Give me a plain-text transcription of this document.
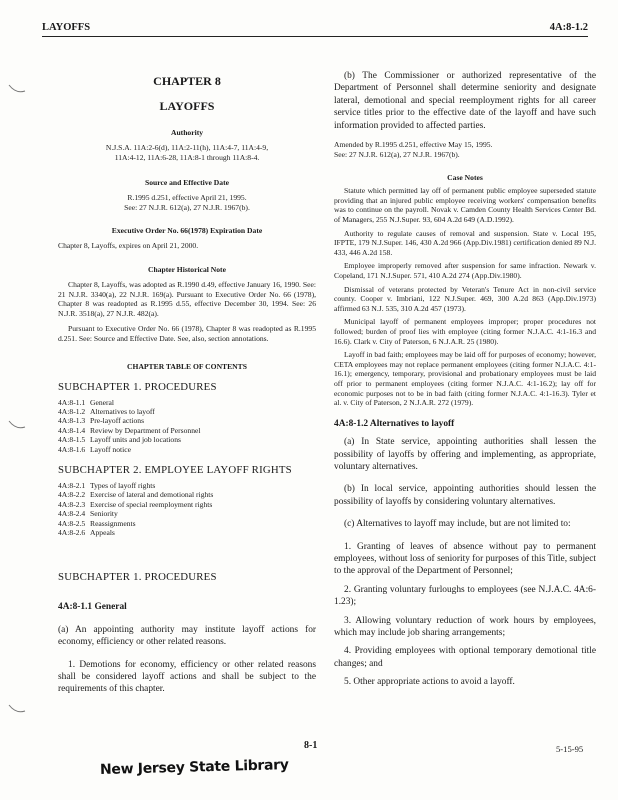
LAYOFFS	4A:8-1.2
CHAPTER 8
LAYOFFS
Authority
N.J.S.A. 11A:2-6(d), 11A:2-11(h), 11A:4-7, 11A:4-9,
11A:4-12, 11A:6-28, 11A:8-1 through 11A:8-4.
Source and Effective Date
R.1995 d.251, effective April 21, 1995.
See: 27 N.J.R. 612(a), 27 N.J.R. 1967(b).
Executive Order No. 66(1978) Expiration Date
Chapter 8, Layoffs, expires on April 21, 2000.
Chapter Historical Note
Chapter 8, Layoffs, was adopted as R.1990 d.49, effective January 16, 1990. See: 21 N.J.R. 3340(a), 22 N.J.R. 169(a). Pursuant to Executive Order No. 66 (1978), Chapter 8 was readopted as R.1995 d.55, effective December 30, 1994. See: 26 N.J.R. 3518(a), 27 N.J.R. 482(a).
Pursuant to Executive Order No. 66 (1978), Chapter 8 was readopted as R.1995 d.251. See: Source and Effective Date. See, also, section annotations.
CHAPTER TABLE OF CONTENTS
SUBCHAPTER 1. PROCEDURES
4A:8-1.1 General
4A:8-1.2 Alternatives to layoff
4A:8-1.3 Pre-layoff actions
4A:8-1.4 Review by Department of Personnel
4A:8-1.5 Layoff units and job locations
4A:8-1.6 Layoff notice
SUBCHAPTER 2. EMPLOYEE LAYOFF RIGHTS
4A:8-2.1 Types of layoff rights
4A:8-2.2 Exercise of lateral and demotional rights
4A:8-2.3 Exercise of special reemployment rights
4A:8-2.4 Seniority
4A:8-2.5 Reassignments
4A:8-2.6 Appeals
SUBCHAPTER 1. PROCEDURES
4A:8-1.1 General
(a) An appointing authority may institute layoff actions for economy, efficiency or other related reasons.
1. Demotions for economy, efficiency or other related reasons shall be considered layoff actions and shall be subject to the requirements of this chapter.
(b) The Commissioner or authorized representative of the Department of Personnel shall determine seniority and designate lateral, demotional and special reemployment rights for all career service titles prior to the effective date of the layoff and have such information provided to affected parties.
Amended by R.1995 d.251, effective May 15, 1995.
See: 27 N.J.R. 612(a), 27 N.J.R. 1967(b).
Case Notes

Statute which permitted lay off of permanent public employee superseded statute providing that an injured public employee receiving workers' compensation benefits was to continue on the payroll. Novak v. Camden County Health Services Center Bd. of Managers, 255 N.J.Super. 93, 604 A.2d 649 (A.D.1992).

Authority to regulate causes of removal and suspension. State v. Local 195, IFPTE, 179 N.J.Super. 146, 430 A.2d 966 (App.Div.1981) certification denied 89 N.J. 433, 446 A.2d 158.

Employee improperly removed after suspension for same infraction. Newark v. Copeland, 171 N.J.Super. 571, 410 A.2d 274 (App.Div.1980).

Dismissal of veterans protected by Veteran's Tenure Act in non-civil service county. Cooper v. Imbriani, 122 N.J.Super. 469, 300 A.2d 863 (App.Div.1973) affirmed 63 N.J. 535, 310 A.2d 457 (1973).

Municipal layoff of permanent employees improper; proper procedures not followed; burden of proof lies with employee (citing former N.J.A.C. 4:1-16.3 and 16.6). Clark v. City of Paterson, 6 N.J.A.R. 25 (1980).

Layoff in bad faith; employees may be laid off for purposes of economy; however, CETA employees may not replace permanent employees (citing former N.J.A.C. 4:1-16.1); emergency, temporary, provisional and probationary employees must be laid off prior to permanent employees (citing former N.J.A.C. 4:1-16.2); lay off for economic purposes not to be in bad faith (citing former N.J.A.C. 4:1-16.3). Tyler et al. v. City of Paterson, 2 N.J.A.R. 272 (1979).

4A:8-1.2 Alternatives to layoff
(a) In State service, appointing authorities shall lessen the possibility of layoffs by offering and implementing, as appropriate, voluntary alternatives.
(b) In local service, appointing authorities should lessen the possibility of layoffs by considering voluntary alternatives.
(c) Alternatives to layoff may include, but are not limited to:
1. Granting of leaves of absence without pay to permanent employees, without loss of seniority for purposes of this Title, subject to the approval of the Department of Personnel;
2. Granting voluntary furloughs to employees (see N.J.A.C. 4A:6-1.23);
3. Allowing voluntary reduction of work hours by employees, which may include job sharing arrangements;
4. Providing employees with optional temporary demotional title changes; and
5. Other appropriate actions to avoid a layoff.
8-1	5-15-95
New Jersey State Library
